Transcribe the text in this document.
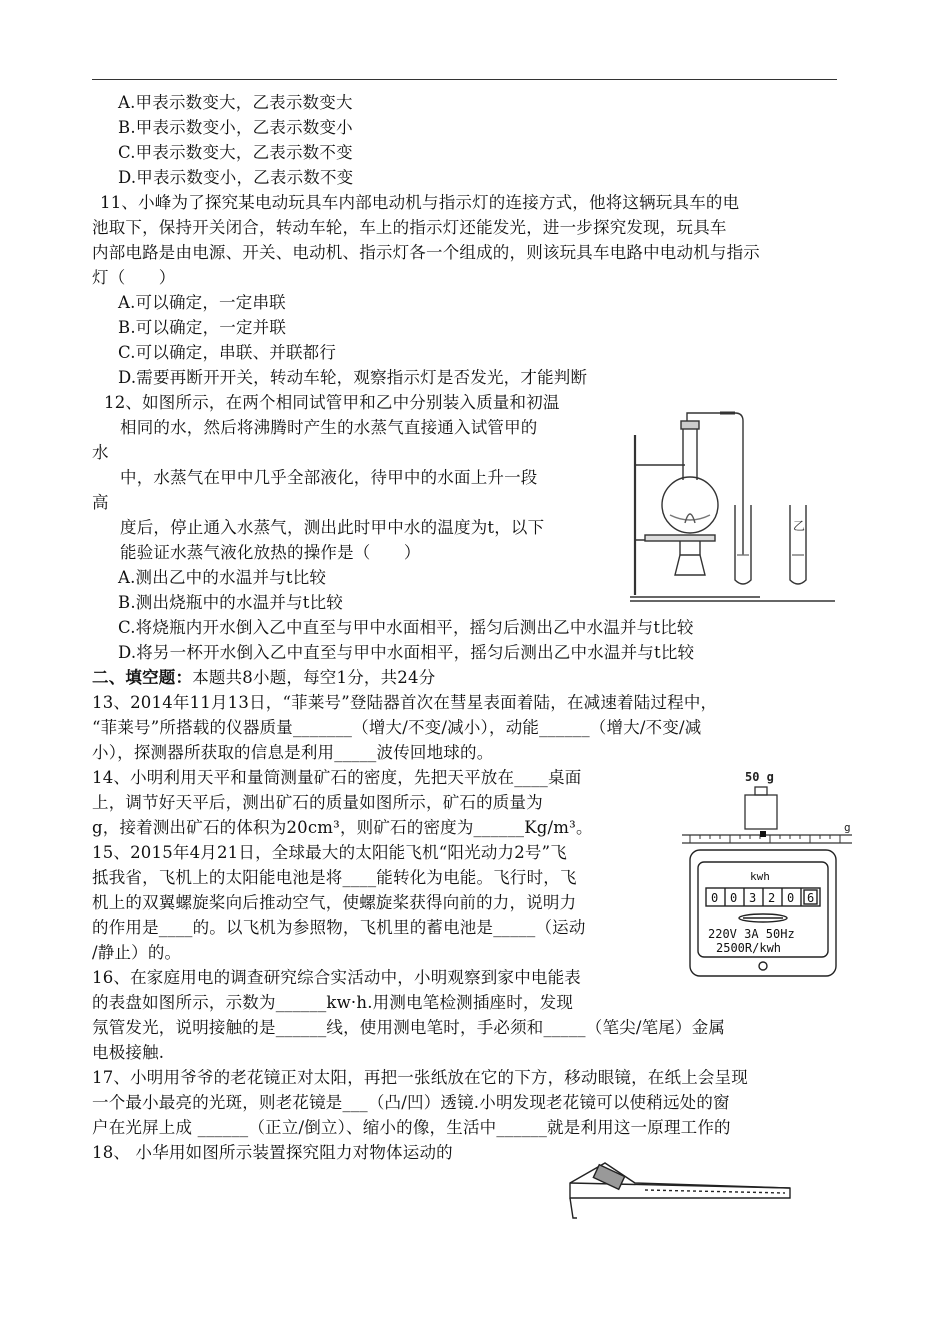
A.甲表示数变大，乙表示数变大
B.甲表示数变小，乙表示数变小
C.甲表示数变大，乙表示数不变
D.甲表示数变小，乙表示数不变
11、小峰为了探究某电动玩具车内部电动机与指示灯的连接方式，他将这辆玩具车的电
池取下，保持开关闭合，转动车轮，车上的指示灯还能发光，进一步探究发现，玩具车
内部电路是由电源、开关、电动机、指示灯各一个组成的，则该玩具车电路中电动机与指示
灯（　　）
A.可以确定，一定串联
B.可以确定，一定并联
C.可以确定，串联、并联都行
D.需要再断开开关，转动车轮，观察指示灯是否发光，才能判断
12、如图所示，在两个相同试管甲和乙中分别装入质量和初温
相同的水，然后将沸腾时产生的水蒸气直接通入试管甲的
水
中，水蒸气在甲中几乎全部液化，待甲中的水面上升一段
高
度后，停止通入水蒸气，测出此时甲中水的温度为t，以下
能验证水蒸气液化放热的操作是（　　）
A.测出乙中的水温并与t比较
B.测出烧瓶中的水温并与t比较
C.将烧瓶内开水倒入乙中直至与甲中水面相平，摇匀后测出乙中水温并与t比较
D.将另一杯开水倒入乙中直至与甲中水面相平，摇匀后测出乙中水温并与t比较
乙
二、填空题：本题共8小题，每空1分，共24分
13、2014年11月13日，“菲莱号”登陆器首次在彗星表面着陆，在减速着陆过程中，
“菲莱号”所搭载的仪器质量_______（增大/不变/减小），动能______（增大/不变/减
小），探测器所获取的信息是利用_____波传回地球的。
14、小明利用天平和量筒测量矿石的密度，先把天平放在____桌面
上，调节好天平后，测出矿石的质量如图所示，矿石的质量为
g，接着测出矿石的体积为20cm³，则矿石的密度为______Kg/m³。
15、2015年4月21日，全球最大的太阳能飞机“阳光动力2号”飞
抵我省，飞机上的太阳能电池是将____能转化为电能。飞行时，飞
机上的双翼螺旋桨向后推动空气，使螺旋桨获得向前的力，说明力
的作用是____的。以飞机为参照物，飞机里的蓄电池是_____（运动
/静止）的。
16、在家庭用电的调查研究综合实活动中，小明观察到家中电能表
的表盘如图所示，示数为______kw·h.用测电笔检测插座时，发现
氖管发光，说明接触的是______线，使用测电笔时，手必须和_____（笔尖/笔尾）金属
电极接触.
17、小明用爷爷的老花镜正对太阳，再把一张纸放在它的下方，移动眼镜，在纸上会呈现
一个最小最亮的光斑，则老花镜是___（凸/凹）透镜.小明发现老花镜可以使稍远处的窗
户在光屏上成 ______（正立/倒立）、缩小的像，生活中______就是利用这一原理工作的
18、 小华用如图所示装置探究阻力对物体运动的
50 g
g
kwh
0 0 3 2 0 6
220V 3A 50Hz
2500R/kwh
